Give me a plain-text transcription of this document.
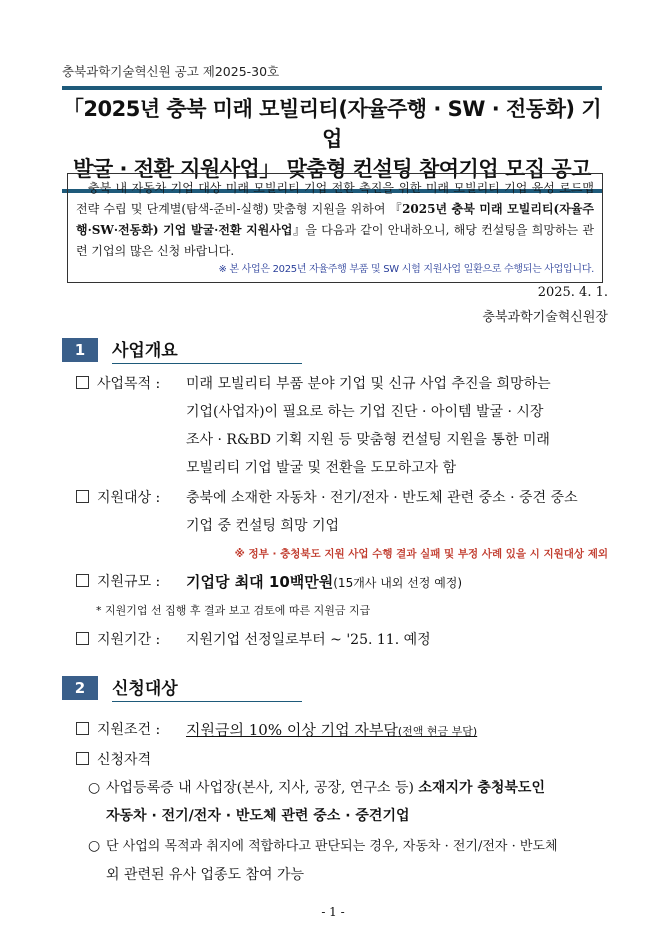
충북과학기술혁신원 공고 제2025-30호
「2025년 충북 미래 모빌리티(자율주행 · SW · 전동화) 기업
발굴 · 전환 지원사업」 맞춤형 컨설팅 참여기업 모집 공고

충북 내 자동차 기업 대상 미래 모빌리티 기업 전환 촉진을 위한 미래 모빌리티 기업 육성 로드맵 전략 수립 및 단계별(탐색-준비-실행) 맞춤형 지원을 위하여 『2025년 충북 미래 모빌리티(자율주행·SW·전동화) 기업 발굴·전환 지원사업』을 다음과 같이 안내하오니, 해당 컨설팅을 희망하는 관련 기업의 많은 신청 바랍니다.

※ 본 사업은 2025년 자율주행 부품 및 SW 시험 지원사업 일환으로 수행되는 사업입니다.
2025. 4. 1.
충북과학기술혁신원장
1	사업개요
사업목적 : 미래 모빌리티 부품 분야 기업 및 신규 사업 추진을 희망하는
기업(사업자)이 필요로 하는 기업 진단 · 아이템 발굴 · 시장
조사 · R&BD 기획 지원 등 맞춤형 컨설팅 지원을 통한 미래
모빌리티 기업 발굴 및 전환을 도모하고자 함
지원대상 : 충북에 소재한 자동차 · 전기/전자 · 반도체 관련 중소 · 중견 중소
기업 중 컨설팅 희망 기업
※ 정부 · 충청북도 지원 사업 수행 결과 실패 및 부정 사례 있을 시 지원대상 제외
지원규모 : 기업당 최대 10백만원(15개사 내외 선정 예정)
* 지원기업 선 집행 후 결과 보고 검토에 따른 지원금 지급
지원기간 : 지원기업 선정일로부터 ~ '25. 11. 예정
2	신청대상
지원조건 : 지원금의 10% 이상 기업 자부담(전액 현금 부담)
신청자격
○ 사업등록증 내 사업장(본사, 지사, 공장, 연구소 등) 소재지가 충청북도인
자동차 · 전기/전자 · 반도체 관련 중소 · 중견기업
○ 단 사업의 목적과 취지에 적합하다고 판단되는 경우, 자동차 · 전기/전자 · 반도체
외 관련된 유사 업종도 참여 가능
- 1 -
